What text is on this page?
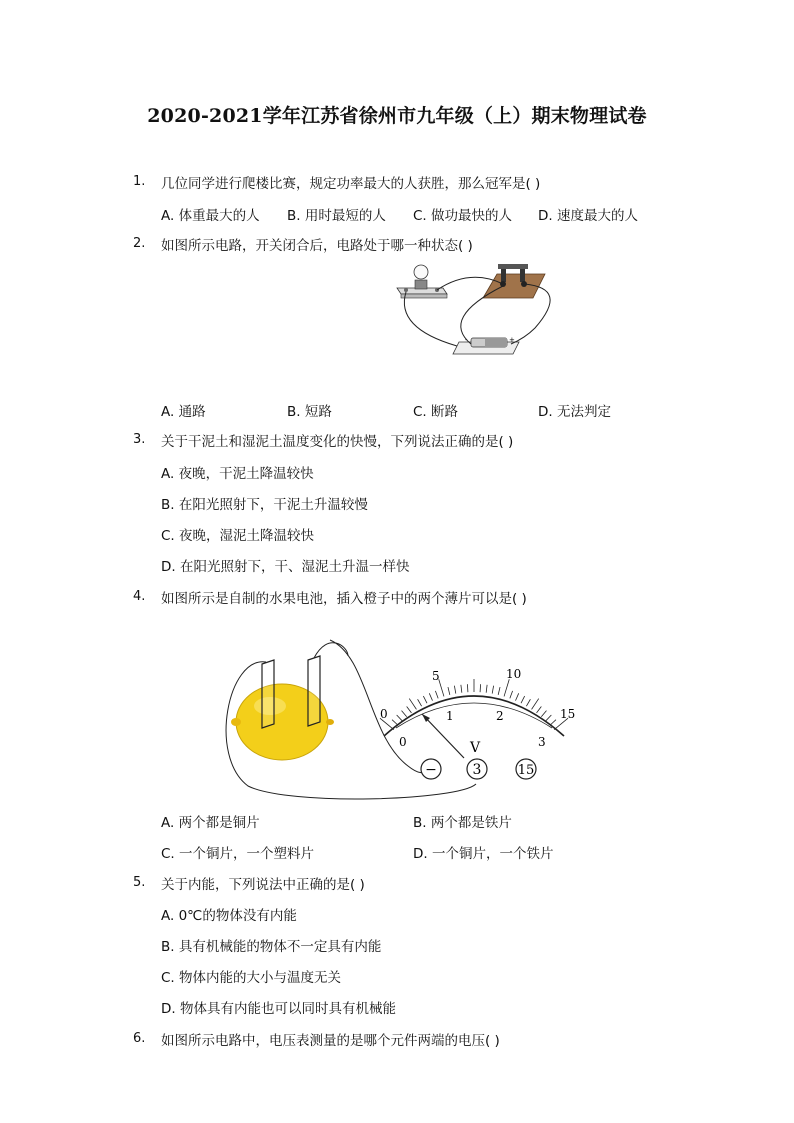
2020-2021学年江苏省徐州市九年级（上）期末物理试卷
1. 几位同学进行爬楼比赛，规定功率最大的人获胜，那么冠军是( )
A. 体重最大的人 B. 用时最短的人 C. 做功最快的人 D. 速度最大的人
2. 如图所示电路，开关闭合后，电路处于哪一种状态( )
-	+
A. 通路	B. 短路	C. 断路	D. 无法判定
3. 关于干泥土和湿泥土温度变化的快慢，下列说法正确的是( )
A. 夜晚，干泥土降温较快
B. 在阳光照射下，干泥土升温较慢
C. 夜晚，湿泥土降温较快
D. 在阳光照射下，干、湿泥土升温一样快
4. 如图所示是自制的水果电池，插入橙子中的两个薄片可以是( )
0
5	10
15
0
1	2
3
V
−	3	15
A. 两个都是铜片	B. 两个都是铁片
C. 一个铜片，一个塑料片	D. 一个铜片，一个铁片
5. 关于内能，下列说法中正确的是( )
A. 0℃的物体没有内能
B. 具有机械能的物体不一定具有内能
C. 物体内能的大小与温度无关
D. 物体具有内能也可以同时具有机械能
6. 如图所示电路中，电压表测量的是哪个元件两端的电压( )
